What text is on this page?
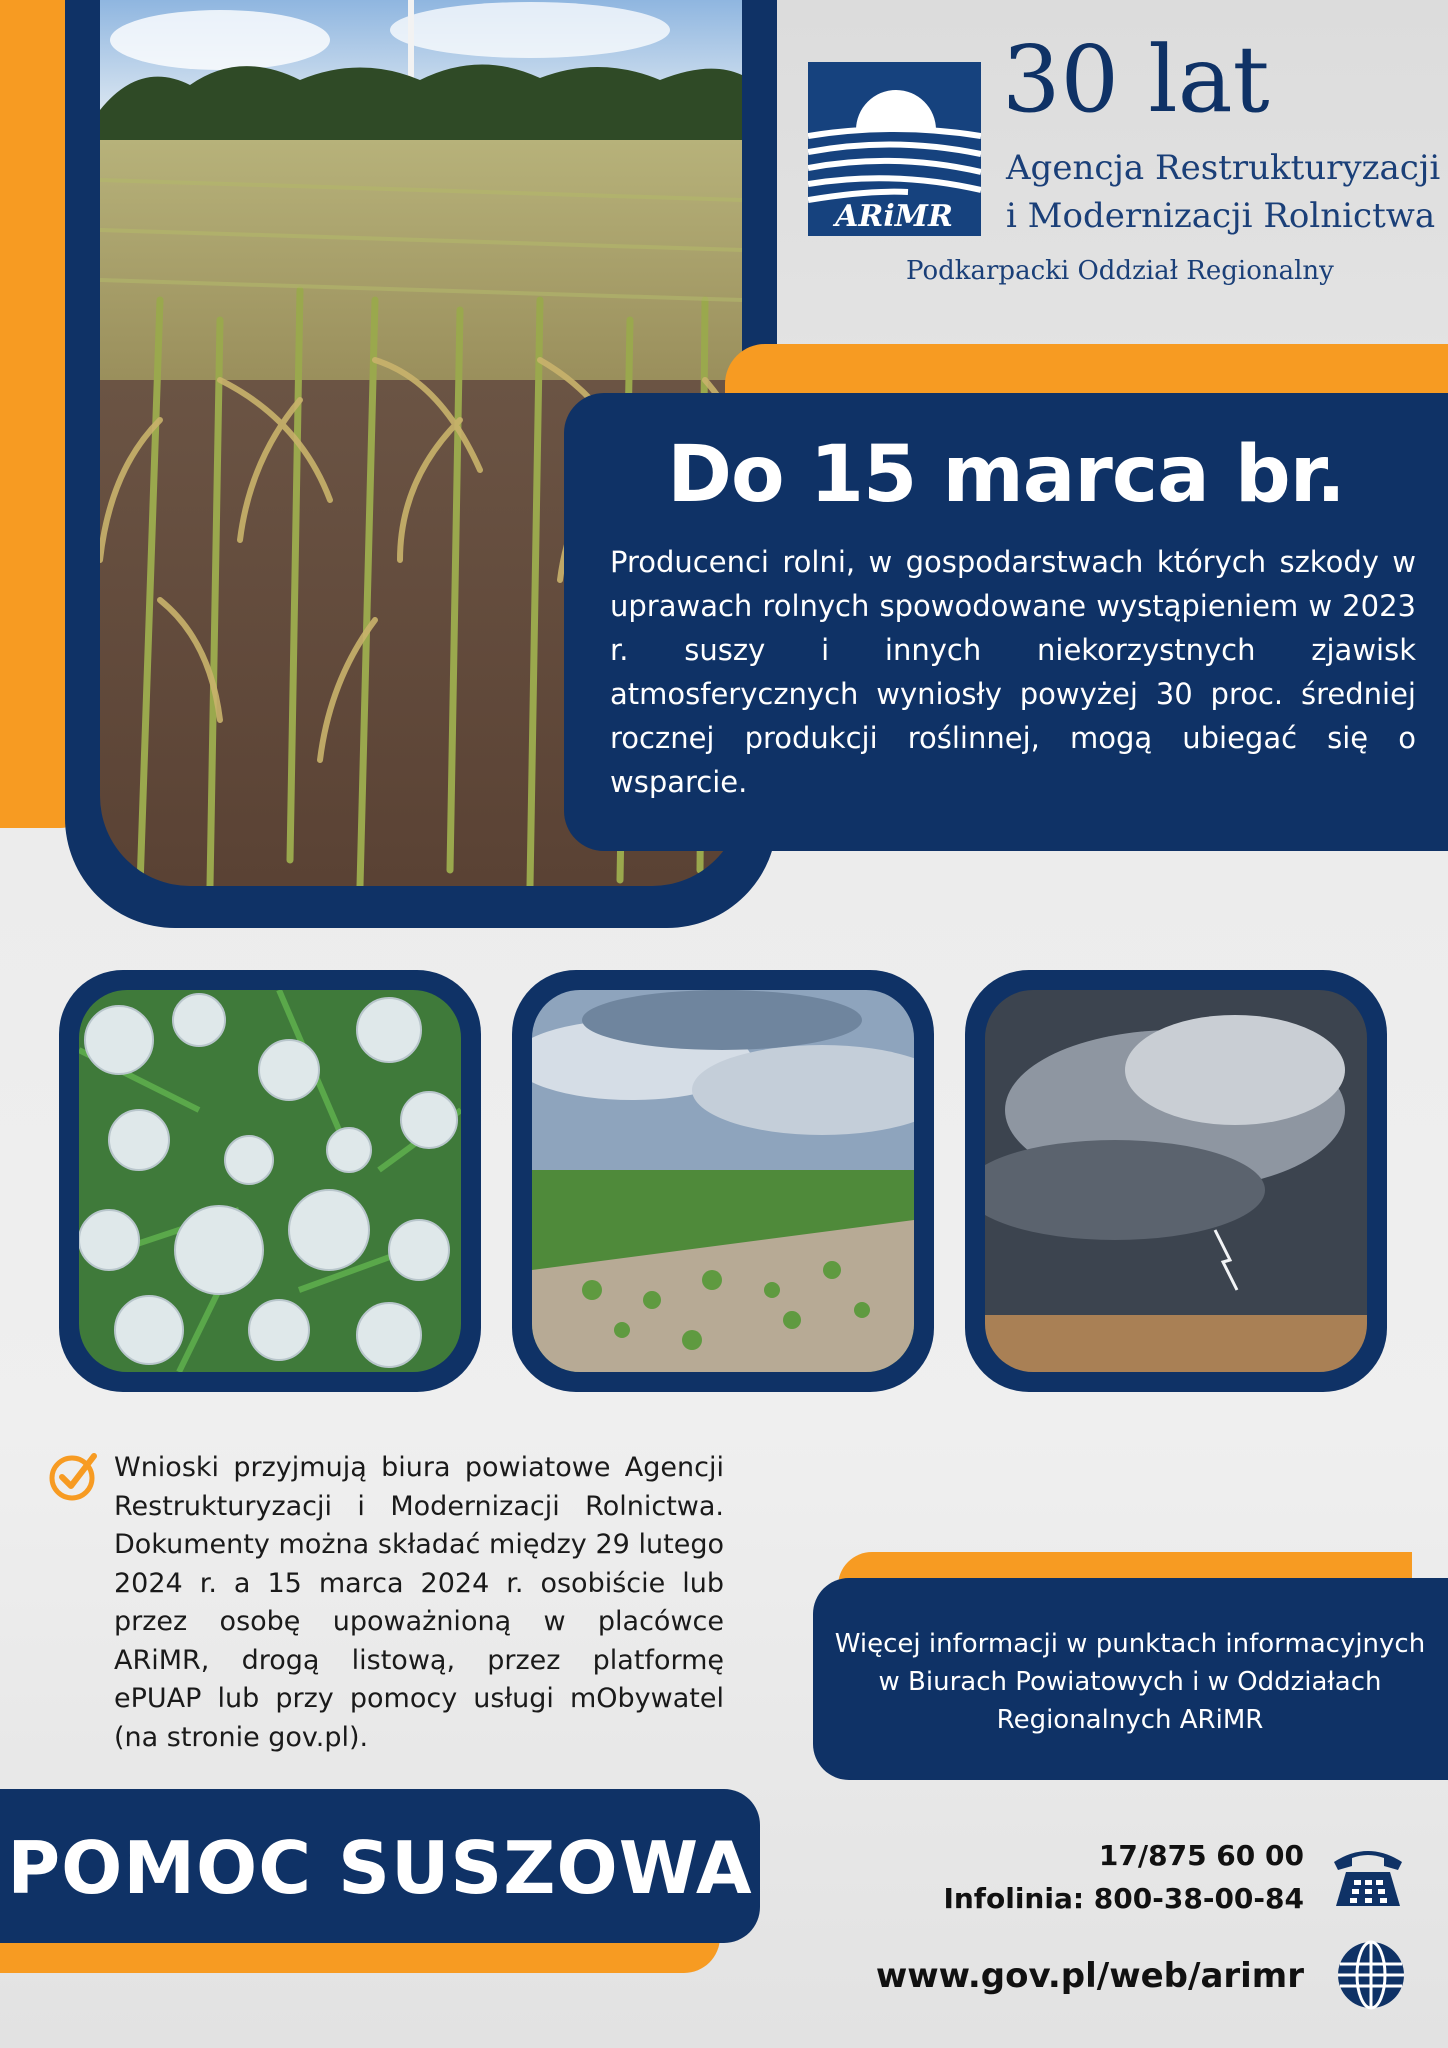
ARiMR
30 lat
Agencja Restrukturyzacji
i Modernizacji Rolnictwa
Podkarpacki Oddział Regionalny
Do 15 marca br.
Producenci rolni, w gospodarstwach których szkody w uprawach rolnych spowodowane wystąpieniem w 2023 r. suszy i innych niekorzystnych zjawisk atmosferycznych wyniosły powyżej 30 proc. średniej rocznej produkcji roślinnej, mogą ubiegać się o wsparcie.
Wnioski przyjmują biura powiatowe Agencji Restrukturyzacji i Modernizacji Rolnictwa. Dokumenty można składać między 29 lutego 2024 r. a 15 marca 2024 r. osobiście lub przez osobę upoważnioną w placówce ARiMR, drogą listową, przez platformę ePUAP lub przy pomocy usługi mObywatel (na stronie gov.pl).
Więcej informacji w punktach informacyjnych w Biurach Powiatowych i w Oddziałach Regionalnych ARiMR
POMOC SUSZOWA	17/875 60 00
Infolinia: 800-38-00-84
www.gov.pl/web/arimr
